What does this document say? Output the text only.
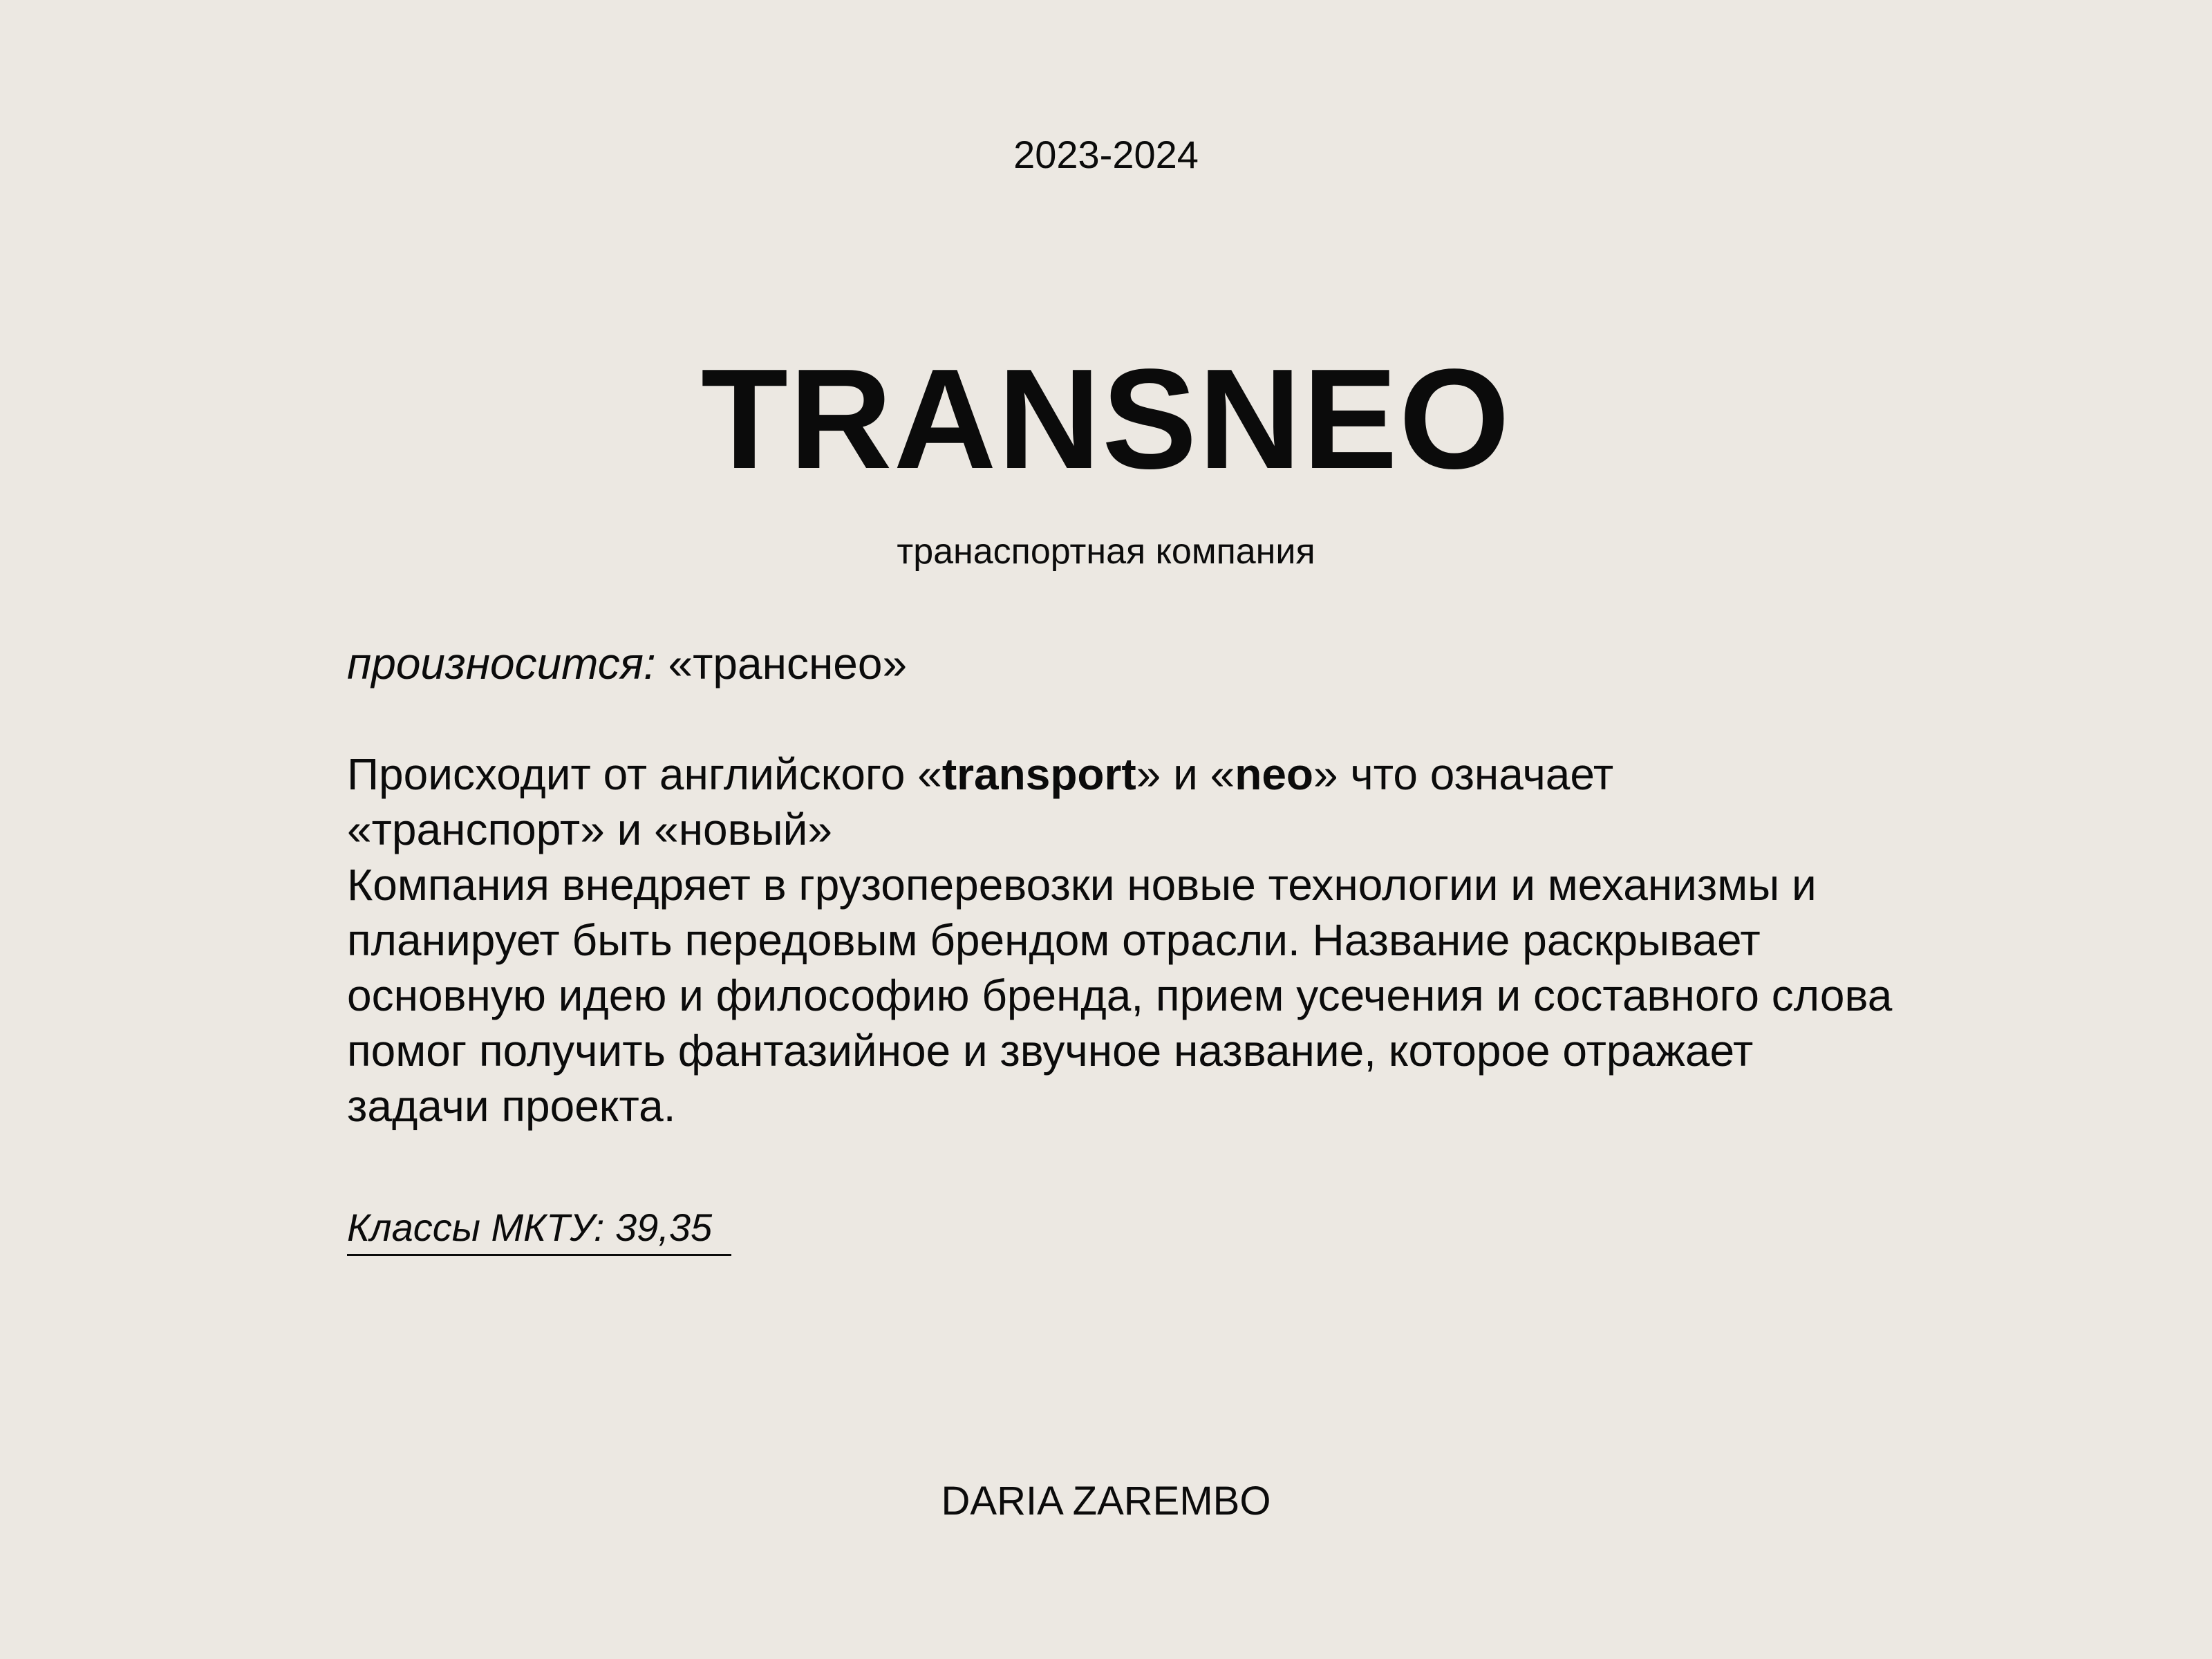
2023-2024

TRANSNEO

транаспортная компания

произносится: «транснео»

Происходит от английского «transport» и «neo» что означает

«транспорт» и «новый»

Компания внедряет в грузоперевозки новые технологии и механизмы и планирует быть передовым брендом отрасли. Название раскрывает основную идею и философию бренда, прием усечения и составного слова помог получить фантазийное и звучное название, которое отражает задачи проекта.

Классы МКТУ: 39,35

DARIA ZAREMBO
